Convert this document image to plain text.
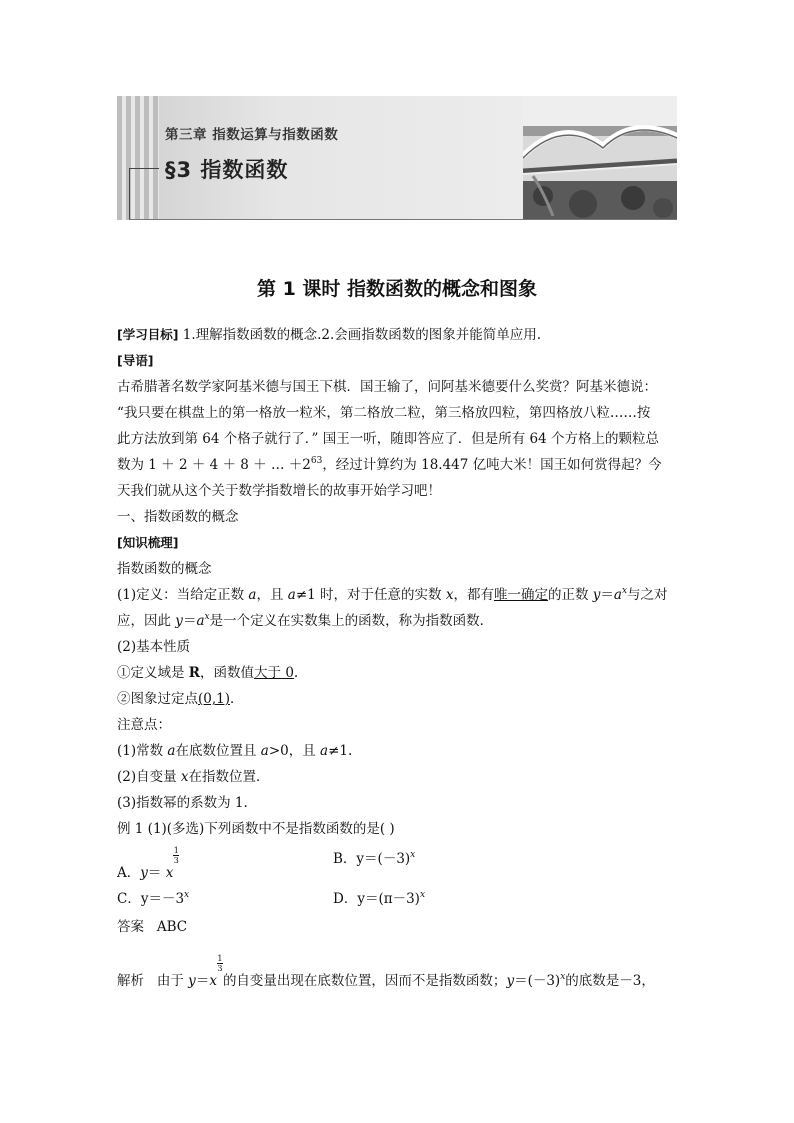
第三章 指数运算与指数函数
§3 指数函数
第 1 课时 指数函数的概念和图象

[学习目标] 1.理解指数函数的概念.2.会画指数函数的图象并能简单应用.

[导语]

古希腊著名数学家阿基米德与国王下棋．国王输了，问阿基米德要什么奖赏？阿基米德说：

“我只要在棋盘上的第一格放一粒米，第二格放二粒，第三格放四粒，第四格放八粒……按

此方法放到第 64 个格子就行了．” 国王一听，随即答应了．但是所有 64 个方格上的颗粒总

数为 1 ＋ 2 ＋ 4 ＋ 8 ＋ … $+2^{63}$，经过计算约为 18.447 亿吨大米！国王如何赏得起？今

天我们就从这个关于数学指数增长的故事开始学习吧！

一、指数函数的概念

[知识梳理]

指数函数的概念

(1)定义：当给定正数 a，且 a≠1 时，对于任意的实数 x，都有唯一确定的正数 $y=a^x$与之对

应，因此 $y=a^x$是一个定义在实数集上的函数，称为指数函数．

(2)基本性质

①定义域是 R，函数值大于 0.

②图象过定点(0,1)．

注意点：

(1)常数 a在底数位置且 a>0，且 a≠1.

(2)自变量 x在指数位置．

(3)指数幂的系数为 1.

例 1 (1)(多选)下列函数中不是指数函数的是( )

A．$y= x\frac{1}{3}$	B．$y=(-3)^x$
C．$y=-3^x$	D．$y=(\pi-3)^x$

答案 ABC

解析 由于 $y=x\frac{1}{3}$的自变量出现在底数位置，因而不是指数函数；$y=(-3)^x$的底数是－3，
